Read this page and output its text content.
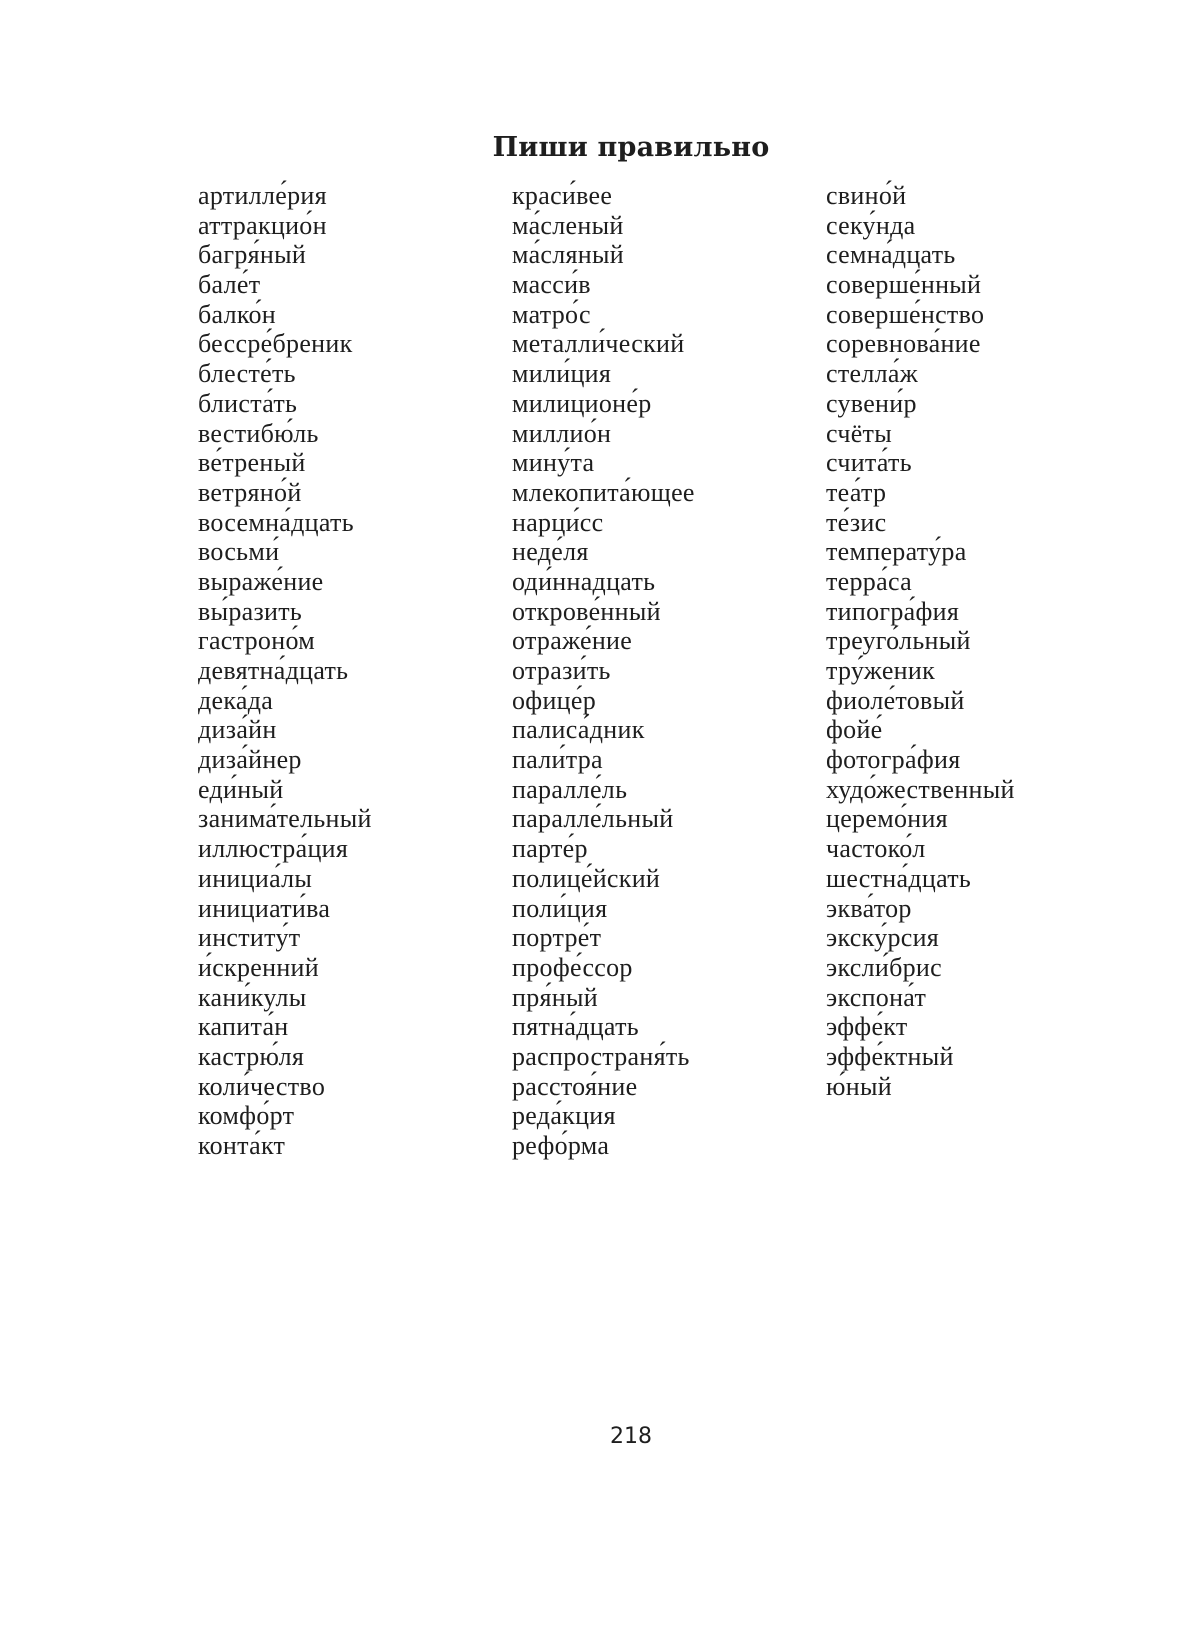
Пиши правильно
артилле́рия
аттракцио́н
багря́ный
бале́т
балко́н
бессре́бреник
блесте́ть
блиста́ть
вестибю́ль
ве́треный
ветряно́й
восемна́дцать
восьми́
выраже́ние
вы́разить
гастроно́м
девятна́дцать
дека́да
диза́йн
диза́йнер
еди́ный
занима́тельный
иллюстра́ция
инициа́лы
инициати́ва
институ́т
и́скренний
кани́кулы
капита́н
кастрю́ля
коли́чество
комфо́рт
конта́кт
краси́вее
ма́сленый
ма́сляный
масси́в
матро́с
металли́ческий
мили́ция
милиционе́р
миллио́н
мину́та
млекопита́ющее
нарци́сс
неде́ля
оди́ннадцать
открове́нный
отраже́ние
отрази́ть
офице́р
палиса́дник
пали́тра
паралле́ль
паралле́льный
парте́р
полице́йский
поли́ция
портре́т
профе́ссор
пря́ный
пятна́дцать
распространя́ть
расстоя́ние
реда́кция
рефо́рма
свино́й
секу́нда
семна́дцать
соверше́нный
соверше́нство
соревнова́ние
стелла́ж
сувени́р
счёты
счита́ть
теа́тр
те́зис
температу́ра
терра́са
типогра́фия
треуго́льный
тру́женик
фиоле́товый
фойе́
фотогра́фия
худо́жественный
церемо́ния
частоко́л
шестна́дцать
эква́тор
экску́рсия
эксли́брис
экспона́т
эффе́кт
эффе́ктный
ю́ный

218
